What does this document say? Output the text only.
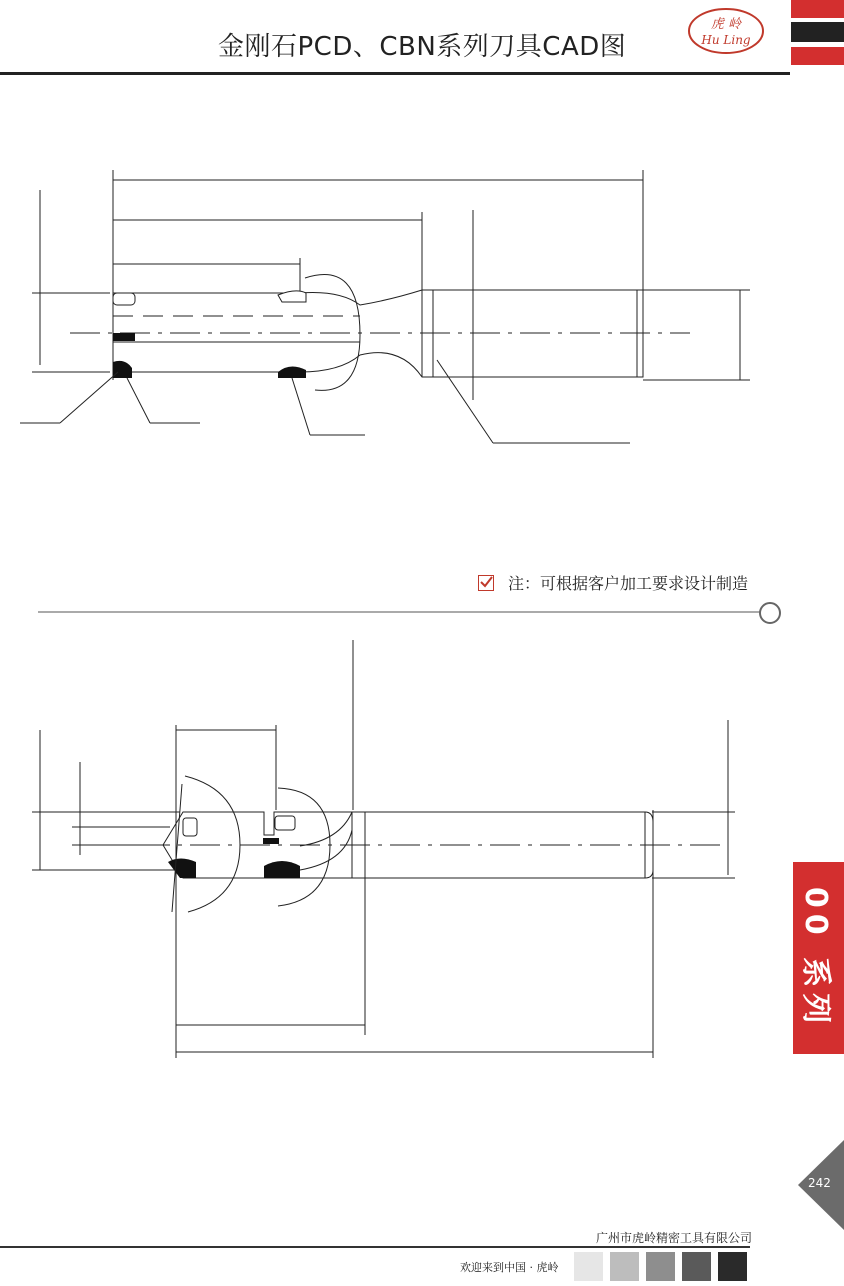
金刚石PCD、CBN系列刀具CAD图
虎 岭
Hu Ling
注：可根据客户加工要求设计制造
00 系列
242
广州市虎岭精密工具有限公司
欢迎来到中国 · 虎岭
